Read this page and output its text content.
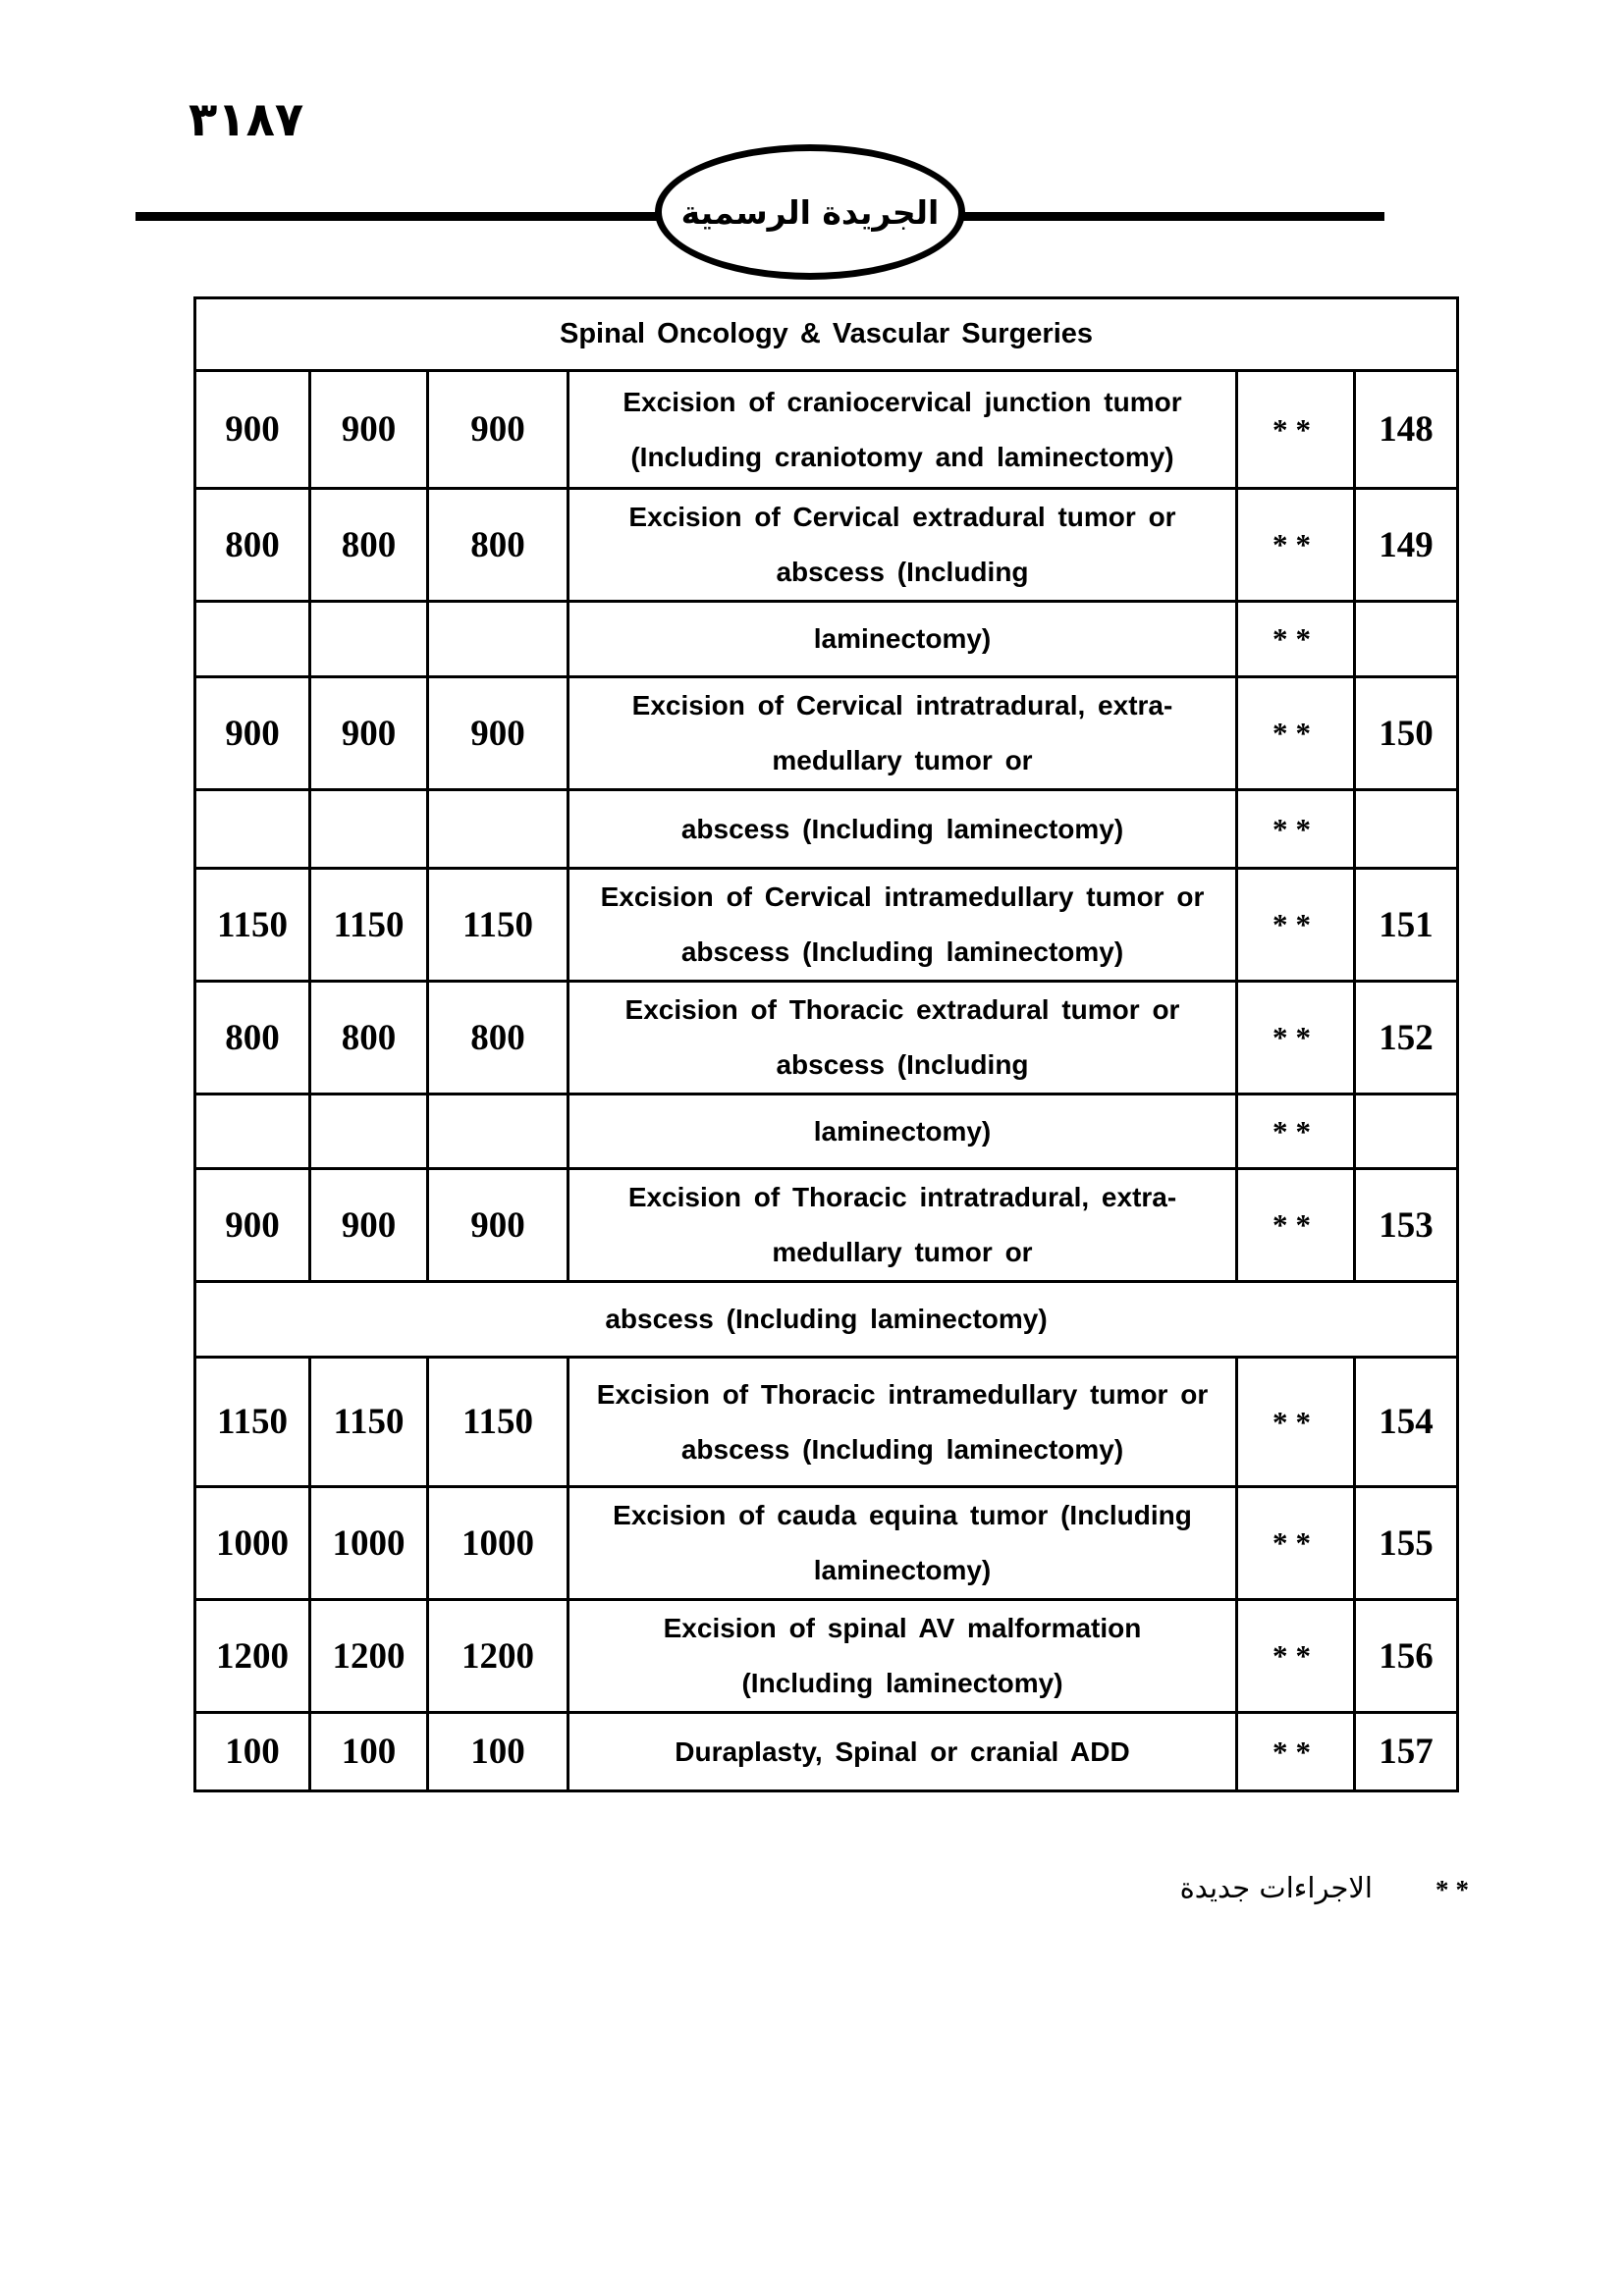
٣١٨٧
الجريدة الرسمية
Spinal Oncology & Vascular Surgeries					
900	900	900	Excision of craniocervical junction tumor
(Including craniotomy and laminectomy)	**	148
800	800	800	Excision of Cervical extradural tumor or
abscess (Including	**	149

			laminectomy)	**	
900	900	900	Excision of Cervical intratradural, extra-
medullary tumor or	**	150

			abscess (Including laminectomy)	**	
1150	1150	1150	Excision of Cervical intramedullary tumor or
abscess (Including laminectomy)	**	151
800	800	800	Excision of Thoracic extradural tumor or
abscess (Including	**	152

			laminectomy)	**	
900	900	900	Excision of Thoracic intratradural, extra-
medullary tumor or	**	153
abscess (Including laminectomy)					
1150	1150	1150	Excision of Thoracic intramedullary tumor or
abscess (Including laminectomy)	**	154
1000	1000	1000	Excision of cauda equina tumor (Including
laminectomy)	**	155
1200	1200	1200	Excision of spinal AV malformation
(Including laminectomy)	**	156
100	100	100	Duraplasty, Spinal or cranial ADD	**	157
الاجراءات جديدة **
